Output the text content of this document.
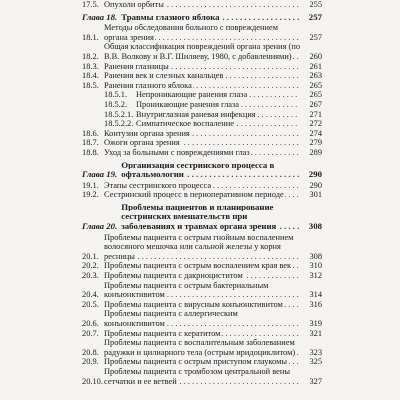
17.5. Опухоли орбиты . . .	255
Глава 18. Травмы глазного яблока . . .	257
18.1.
Методы обследования больного с повреждением органа зрения . . .	257
18.2.
Общая классификация повреждений органа зрения (по В.В. Волкову и В.Г. Шиляеву, 1980, с добавлениями) . . .	260
18.3. Ранения глазницы . . .	261
18.4. Ранения век и слезных канальцев . . .	263
18.5. Ранения глазного яблока . . .	265
18.5.1.	Непроникающие ранения глаза . . .	265
18.5.2.	Проникающие ранения глаза . . .	267
18.5.2.1. Внутриглазная раневая инфекция . . .	271
18.5.2.2. Симпатическое воспаление . . .	272
18.6. Контузии органа зрения . . .	274
18.7. Ожоги органа зрения . . .	279
18.8. Уход за больными с повреждениями глаз . . .	289
Глава 19.
Организация сестринского процесса в офтальмологии . . .	290
19.1. Этапы сестринского процесса . . .	290
19.2. Сестринский процесс в периоперативном периоде . . .	301
Глава 20.
Проблемы пациентов и планирование сестринских вмешательств при заболеваниях и травмах органа зрения . . .	308
20.1.
Проблемы пациента с острым гнойным воспалением волосяного мешочка или сальной железы у корня ресницы . . .	308
20.2. Проблемы пациента с острым воспалением края век . . .	310
20.3. Проблемы пациента с дакриоциститом . . .	312
20.4.
Проблемы пациента с острым бактериальным конъюнктивитом . . .	314
20.5. Проблемы пациента с вирусным конъюнктивитом . . .	316
20.6.
Проблемы пациента с аллергическим конъюнктивитом . . .	319
20.7. Проблемы пациента с кератитом . . .	321
20.8.
Проблемы пациента с воспалительным заболеванием радужки и цилиарного тела (острым иридоциклитом) . . .	323
20.9. Проблемы пациента с острым приступом глаукомы . . .	325
20.10.
Проблемы пациента с тромбозом центральной вены сетчатки и ее ветвей . . .	327
